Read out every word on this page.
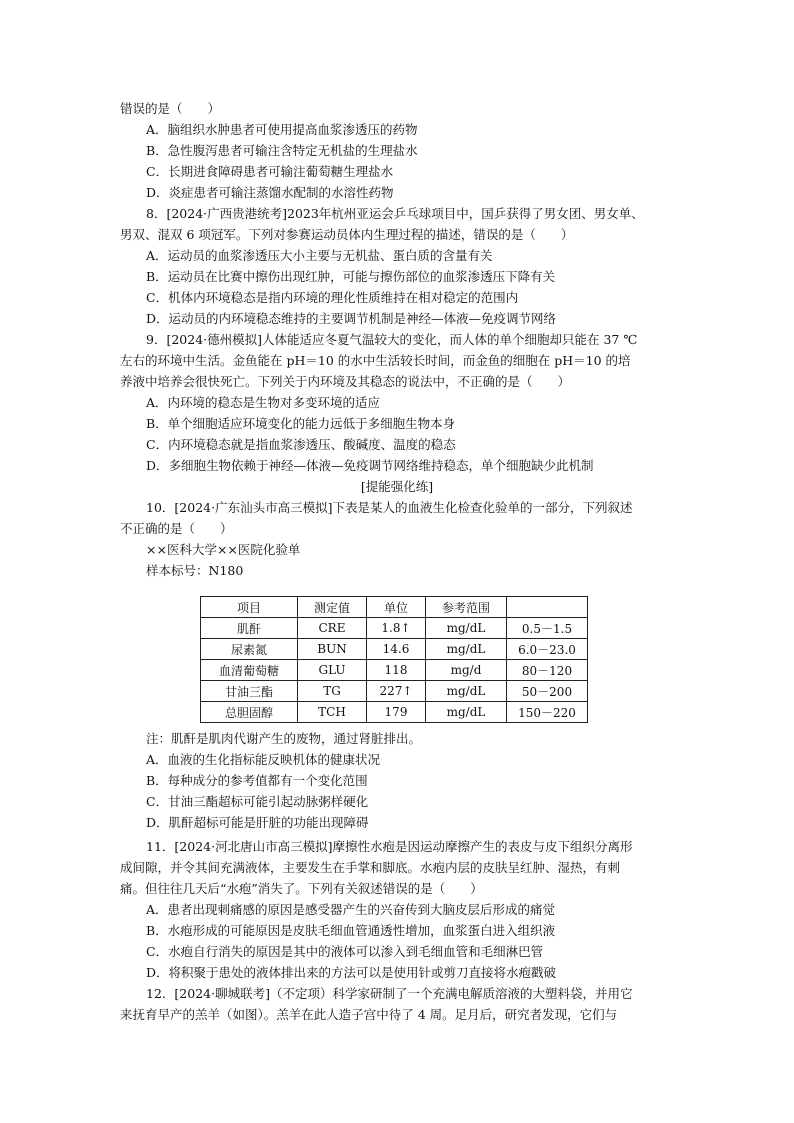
错误的是（　　）
A．脑组织水肿患者可使用提高血浆渗透压的药物
B．急性腹泻患者可输注含特定无机盐的生理盐水
C．长期进食障碍患者可输注葡萄糖生理盐水
D．炎症患者可输注蒸馏水配制的水溶性药物
8．[2024·广西贵港统考]2023年杭州亚运会乒乓球项目中，国乒获得了男女团、男女单、
男双、混双 6 项冠军。下列对参赛运动员体内生理过程的描述，错误的是（　　）
A．运动员的血浆渗透压大小主要与无机盐、蛋白质的含量有关
B．运动员在比赛中擦伤出现红肿，可能与擦伤部位的血浆渗透压下降有关
C．机体内环境稳态是指内环境的理化性质维持在相对稳定的范围内
D．运动员的内环境稳态维持的主要调节机制是神经—体液—免疫调节网络
9．[2024·德州模拟]人体能适应冬夏气温较大的变化，而人体的单个细胞却只能在 37 ℃
左右的环境中生活。金鱼能在 pH＝10 的水中生活较长时间，而金鱼的细胞在 pH＝10 的培
养液中培养会很快死亡。下列关于内环境及其稳态的说法中，不正确的是（　　）
A．内环境的稳态是生物对多变环境的适应
B．单个细胞适应环境变化的能力远低于多细胞生物本身
C．内环境稳态就是指血浆渗透压、酸碱度、温度的稳态
D．多细胞生物依赖于神经—体液—免疫调节网络维持稳态，单个细胞缺少此机制
[提能强化练]
10．[2024·广东汕头市高三模拟]下表是某人的血液生化检查化验单的一部分，下列叙述
不正确的是（　　）
××医科大学××医院化验单
样本标号：N180
项目	测定值	单位	参考范围	
肌酐	CRE	1.8↑	mg/dL	0.5－1.5
尿素氮	BUN	14.6	mg/dL	6.0－23.0
血清葡萄糖	GLU	118	mg/d	80－120
甘油三酯	TG	227↑	mg/dL	50－200
总胆固醇	TCH	179	mg/dL	150－220
注：肌酐是肌肉代谢产生的废物，通过肾脏排出。
A．血液的生化指标能反映机体的健康状况
B．每种成分的参考值都有一个变化范围
C．甘油三酯超标可能引起动脉粥样硬化
D．肌酐超标可能是肝脏的功能出现障碍
11．[2024·河北唐山市高三模拟]摩擦性水疱是因运动摩擦产生的表皮与皮下组织分离形
成间隙，并令其间充满液体，主要发生在手掌和脚底。水疱内层的皮肤呈红肿、湿热，有刺
痛。但往往几天后“水疱”消失了。下列有关叙述错误的是（　　）
A．患者出现刺痛感的原因是感受器产生的兴奋传到大脑皮层后形成的痛觉
B．水疱形成的可能原因是皮肤毛细血管通透性增加，血浆蛋白进入组织液
C．水疱自行消失的原因是其中的液体可以渗入到毛细血管和毛细淋巴管
D．将积聚于患处的液体排出来的方法可以是使用针或剪刀直接将水疱戳破
12．[2024·聊城联考]（不定项）科学家研制了一个充满电解质溶液的大塑料袋，并用它
来抚育早产的羔羊（如图）。羔羊在此人造子宫中待了 4 周。足月后，研究者发现，它们与
